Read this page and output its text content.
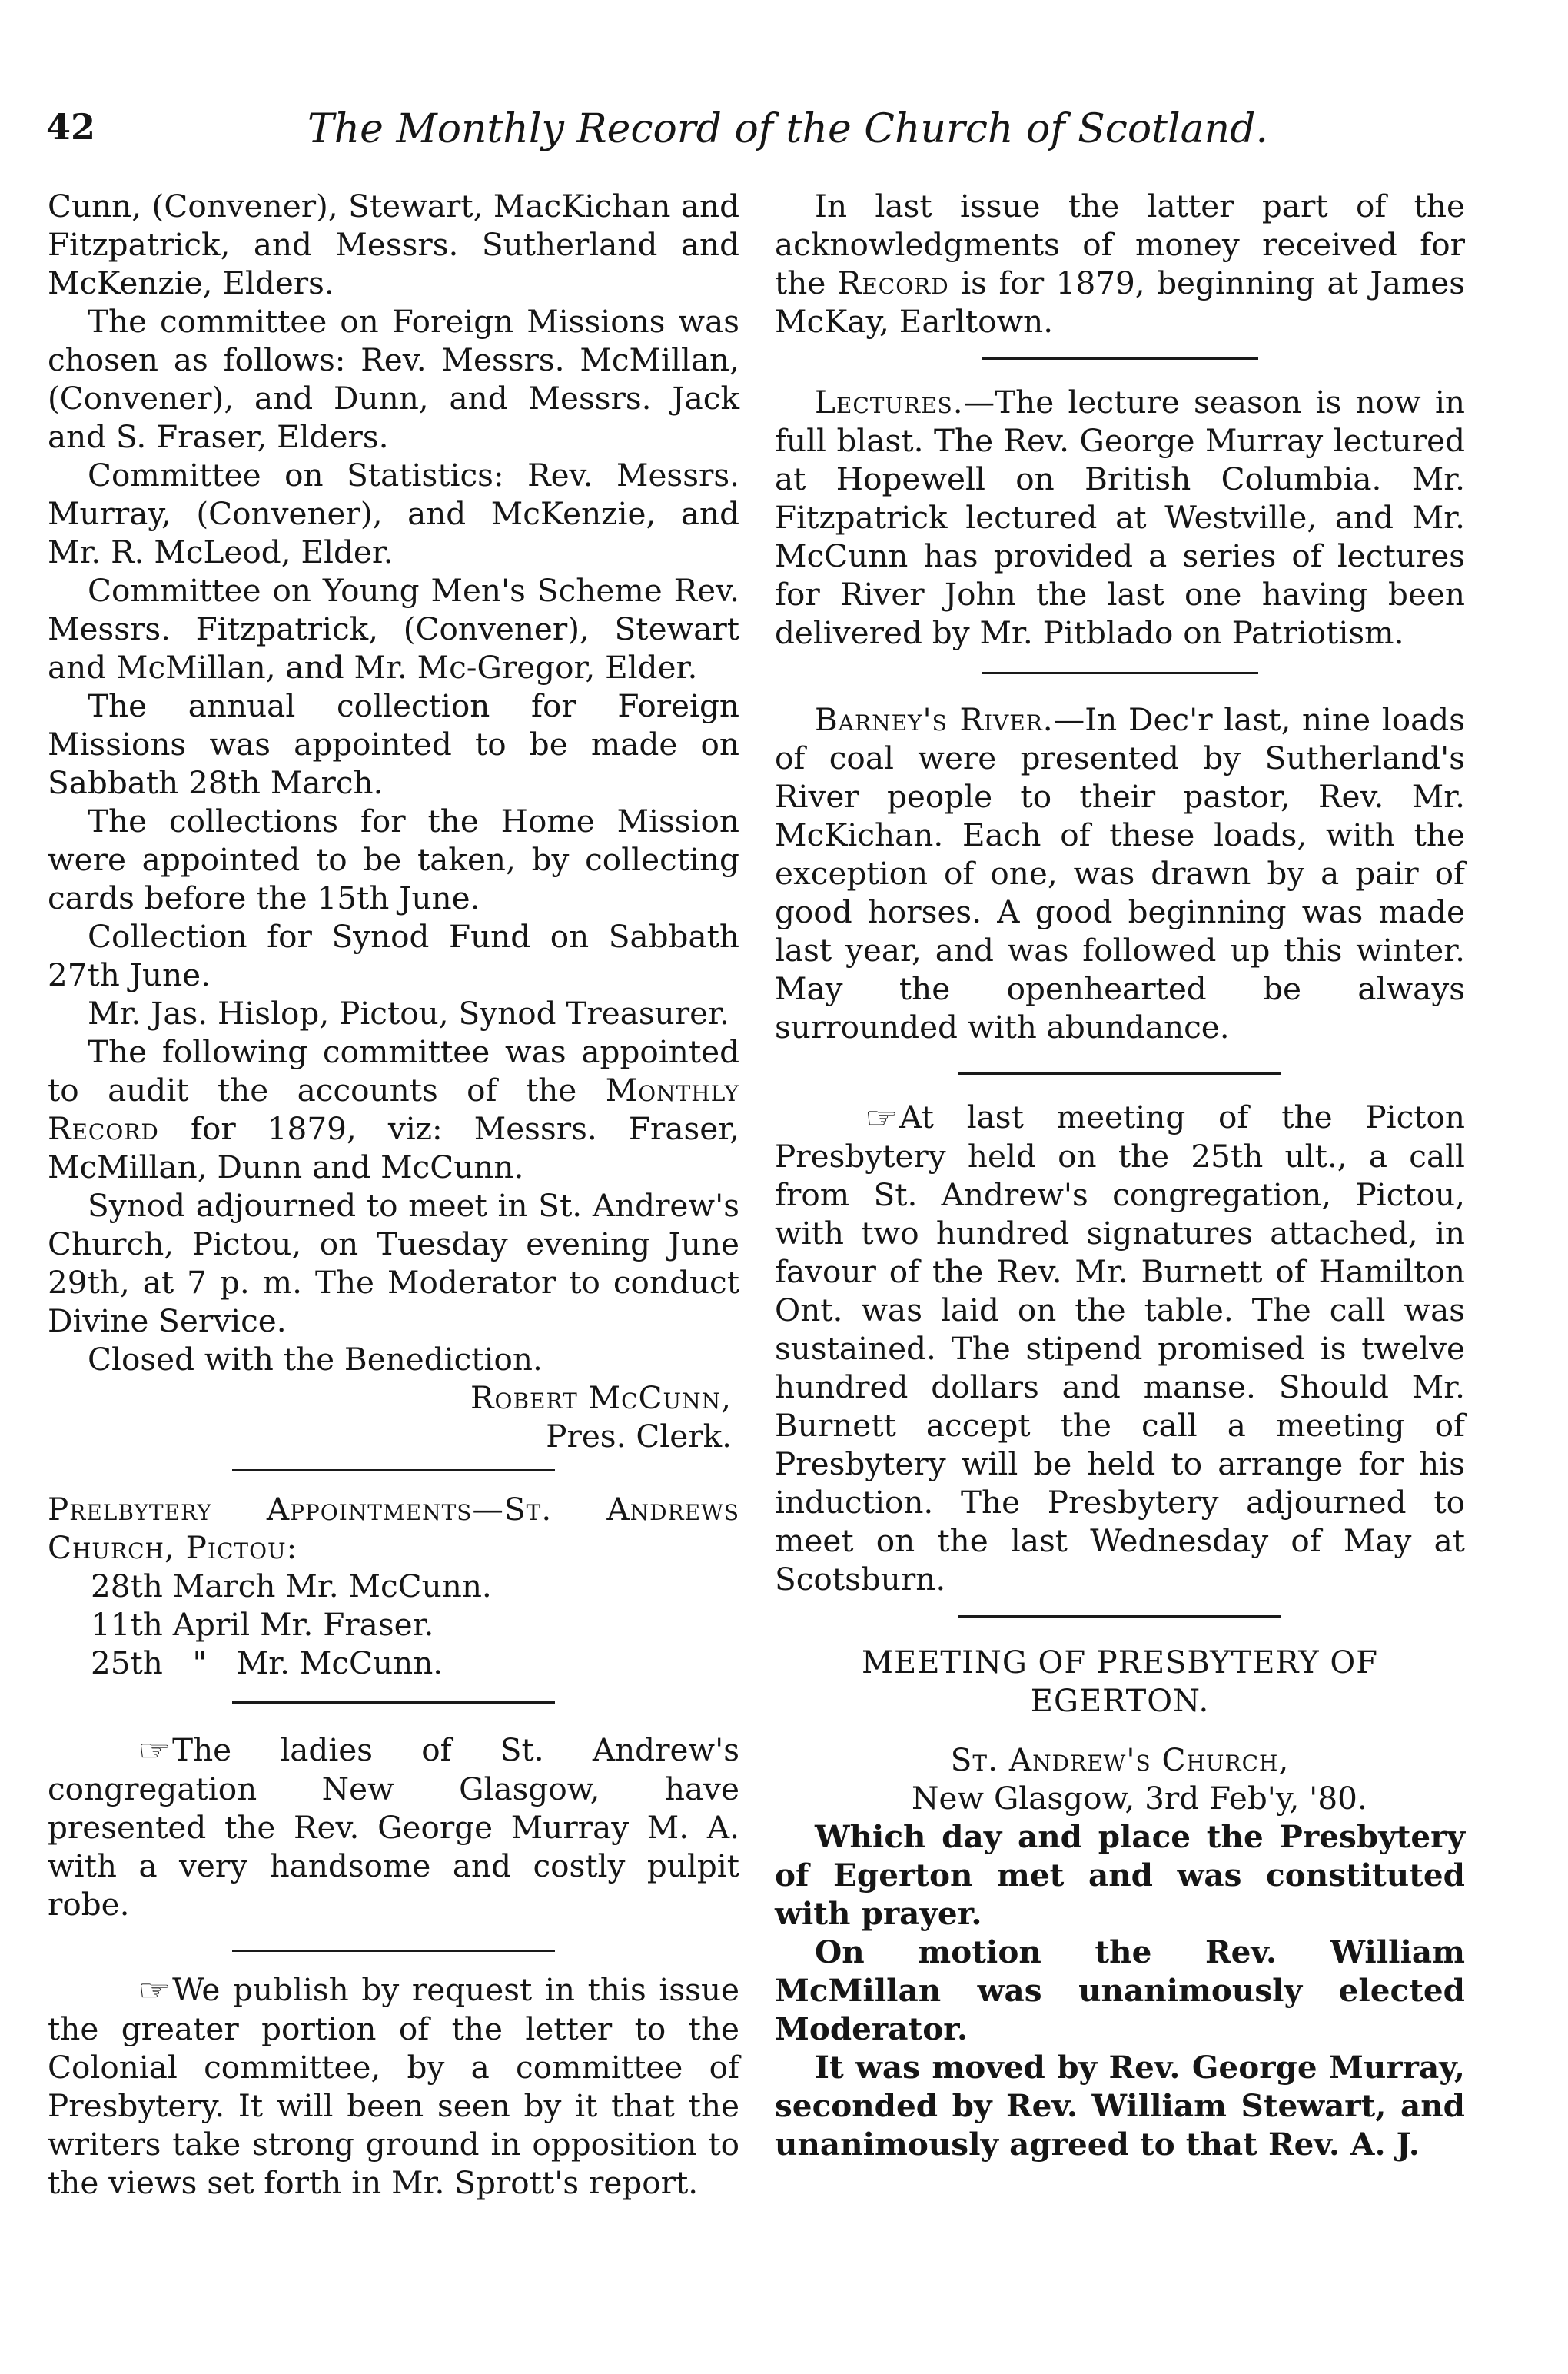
42	The Monthly Record of the Church of Scotland.

Cunn, (Convener), Stewart, MacKichan and Fitzpatrick, and Messrs. Sutherland and McKenzie, Elders.

The committee on Foreign Missions was chosen as follows: Rev. Messrs. McMillan, (Convener), and Dunn, and Messrs. Jack and S. Fraser, Elders.

Committee on Statistics: Rev. Messrs. Murray, (Convener), and McKenzie, and Mr. R. McLeod, Elder.

Committee on Young Men's Scheme Rev. Messrs. Fitzpatrick, (Convener), Stewart and McMillan, and Mr. Mc-Gregor, Elder.

The annual collection for Foreign Missions was appointed to be made on Sabbath 28th March.

The collections for the Home Mission were appointed to be taken, by collecting cards before the 15th June.

Collection for Synod Fund on Sabbath 27th June.

Mr. Jas. Hislop, Pictou, Synod Treasurer.

The following committee was appointed to audit the accounts of the Monthly Record for 1879, viz: Messrs. Fraser, McMillan, Dunn and McCunn.

Synod adjourned to meet in St. Andrew's Church, Pictou, on Tuesday evening June 29th, at 7 p. m. The Moderator to conduct Divine Service.

Closed with the Benediction.

Robert McCunn,

Pres. Clerk.

Prelbytery Appointments—St. Andrews Church, Pictou:

28th March Mr. McCunn.

11th April Mr. Fraser.

25th   "   Mr. McCunn.

☞The ladies of St. Andrew's congregation New Glasgow, have presented the Rev. George Murray M. A. with a very handsome and costly pulpit robe.

☞We publish by request in this issue the greater portion of the letter to the Colonial committee, by a committee of Presbytery. It will been seen by it that the writers take strong ground in opposition to the views set forth in Mr. Sprott's report.

In last issue the latter part of the acknowledgments of money received for the Record is for 1879, beginning at James McKay, Earltown.

Lectures.—The lecture season is now in full blast. The Rev. George Murray lectured at Hopewell on British Columbia. Mr. Fitzpatrick lectured at Westville, and Mr. McCunn has provided a series of lectures for River John the last one having been delivered by Mr. Pitblado on Patriotism.

Barney's River.—In Dec'r last, nine loads of coal were presented by Sutherland's River people to their pastor, Rev. Mr. McKichan. Each of these loads, with the exception of one, was drawn by a pair of good horses. A good beginning was made last year, and was followed up this winter. May the openhearted be always surrounded with abundance.

☞At last meeting of the Picton Presbytery held on the 25th ult., a call from St. Andrew's congregation, Pictou, with two hundred signatures attached, in favour of the Rev. Mr. Burnett of Hamilton Ont. was laid on the table. The call was sustained. The stipend promised is twelve hundred dollars and manse. Should Mr. Burnett accept the call a meeting of Presbytery will be held to arrange for his induction. The Presbytery adjourned to meet on the last Wednesday of May at Scotsburn.

MEETING OF PRESBYTERY OF

EGERTON.

St. Andrew's Church,

New Glasgow, 3rd Feb'y, '80.

Which day and place the Presbytery of Egerton met and was constituted with prayer.

On motion the Rev. William McMillan was unanimously elected Moderator.

It was moved by Rev. George Murray, seconded by Rev. William Stewart, and unanimously agreed to that Rev. A. J.
